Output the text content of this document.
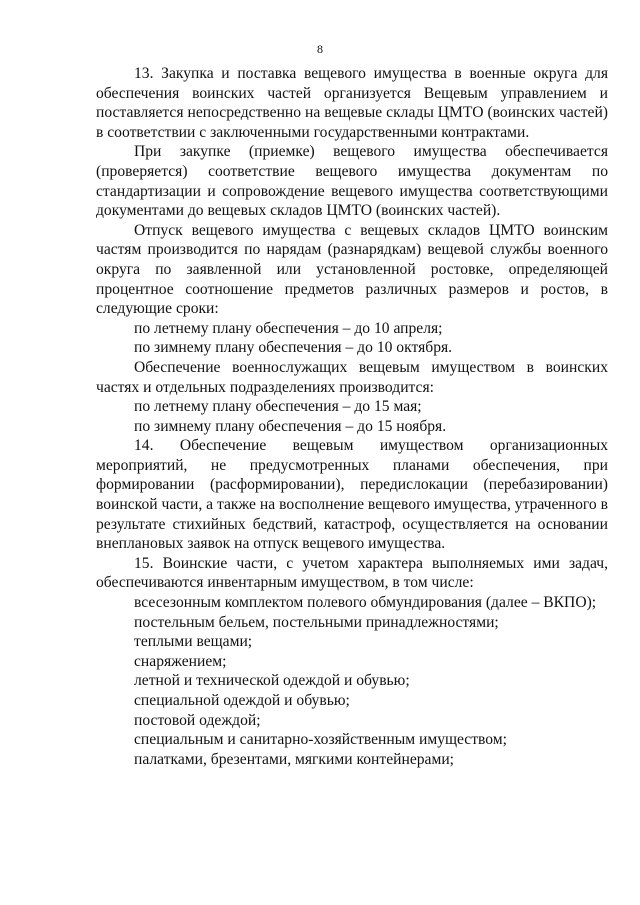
8

13. Закупка и поставка вещевого имущества в военные округа для обеспечения воинских частей организуется Вещевым управлением и поставляется непосредственно на вещевые склады ЦМТО (воинских частей) в соответствии с заключенными государственными контрактами.

При закупке (приемке) вещевого имущества обеспечивается (проверяется) соответствие вещевого имущества документам по стандартизации и сопровождение вещевого имущества соответствующими документами до вещевых складов ЦМТО (воинских частей).

Отпуск вещевого имущества с вещевых складов ЦМТО воинским частям производится по нарядам (разнарядкам) вещевой службы военного округа по заявленной или установленной ростовке, определяющей процентное соотношение предметов различных размеров и ростов, в следующие сроки:

по летнему плану обеспечения – до 10 апреля;

по зимнему плану обеспечения – до 10 октября.

Обеспечение военнослужащих вещевым имуществом в воинских частях и отдельных подразделениях производится:

по летнему плану обеспечения – до 15 мая;

по зимнему плану обеспечения – до 15 ноября.

14. Обеспечение вещевым имуществом организационных мероприятий, не предусмотренных планами обеспечения, при формировании (расформировании), передислокации (перебазировании) воинской части, а также на восполнение вещевого имущества, утраченного в результате стихийных бедствий, катастроф, осуществляется на основании внеплановых заявок на отпуск вещевого имущества.

15. Воинские части, с учетом характера выполняемых ими задач, обеспечиваются инвентарным имуществом, в том числе:

всесезонным комплектом полевого обмундирования (далее – ВКПО);

постельным бельем, постельными принадлежностями;

теплыми вещами;

снаряжением;

летной и технической одеждой и обувью;

специальной одеждой и обувью;

постовой одеждой;

специальным и санитарно-хозяйственным имуществом;

палатками, брезентами, мягкими контейнерами;
